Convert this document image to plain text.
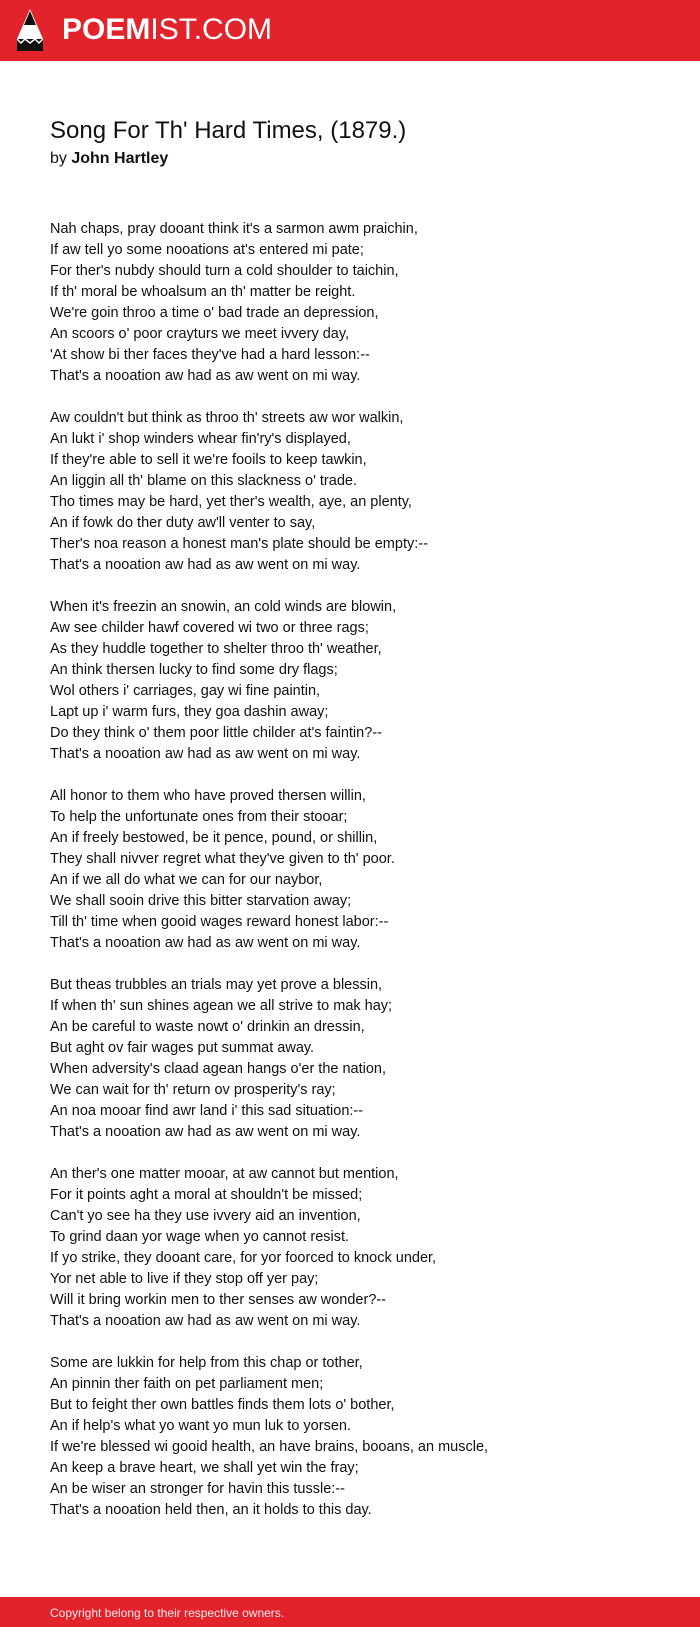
POEMIST.COM
Song For Th' Hard Times, (1879.)
by John Hartley
Nah chaps, pray dooant think it's a sarmon awm praichin,
If aw tell yo some nooations at's entered mi pate;
For ther's nubdy should turn a cold shoulder to taichin,
If th' moral be whoalsum an th' matter be reight.
We're goin throo a time o' bad trade an depression,
An scoors o' poor crayturs we meet ivvery day,
'At show bi ther faces they've had a hard lesson:--
That's a nooation aw had as aw went on mi way.
Aw couldn't but think as throo th' streets aw wor walkin,
An lukt i' shop winders whear fin'ry's displayed,
If they're able to sell it we're fooils to keep tawkin,
An liggin all th' blame on this slackness o' trade.
Tho times may be hard, yet ther's wealth, aye, an plenty,
An if fowk do ther duty aw'll venter to say,
Ther's noa reason a honest man's plate should be empty:--
That's a nooation aw had as aw went on mi way.
When it's freezin an snowin, an cold winds are blowin,
Aw see childer hawf covered wi two or three rags;
As they huddle together to shelter throo th' weather,
An think thersen lucky to find some dry flags;
Wol others i' carriages, gay wi fine paintin,
Lapt up i' warm furs, they goa dashin away;
Do they think o' them poor little childer at's faintin?--
That's a nooation aw had as aw went on mi way.
All honor to them who have proved thersen willin,
To help the unfortunate ones from their stooar;
An if freely bestowed, be it pence, pound, or shillin,
They shall nivver regret what they've given to th' poor.
An if we all do what we can for our naybor,
We shall sooin drive this bitter starvation away;
Till th' time when gooid wages reward honest labor:--
That's a nooation aw had as aw went on mi way.
But theas trubbles an trials may yet prove a blessin,
If when th' sun shines agean we all strive to mak hay;
An be careful to waste nowt o' drinkin an dressin,
But aght ov fair wages put summat away.
When adversity's claad agean hangs o'er the nation,
We can wait for th' return ov prosperity's ray;
An noa mooar find awr land i' this sad situation:--
That's a nooation aw had as aw went on mi way.
An ther's one matter mooar, at aw cannot but mention,
For it points aght a moral at shouldn't be missed;
Can't yo see ha they use ivvery aid an invention,
To grind daan yor wage when yo cannot resist.
If yo strike, they dooant care, for yor foorced to knock under,
Yor net able to live if they stop off yer pay;
Will it bring workin men to ther senses aw wonder?--
That's a nooation aw had as aw went on mi way.
Some are lukkin for help from this chap or tother,
An pinnin ther faith on pet parliament men;
But to feight ther own battles finds them lots o' bother,
An if help's what yo want yo mun luk to yorsen.
If we're blessed wi gooid health, an have brains, booans, an muscle,
An keep a brave heart, we shall yet win the fray;
An be wiser an stronger for havin this tussle:--
That's a nooation held then, an it holds to this day.
Copyright belong to their respective owners.
